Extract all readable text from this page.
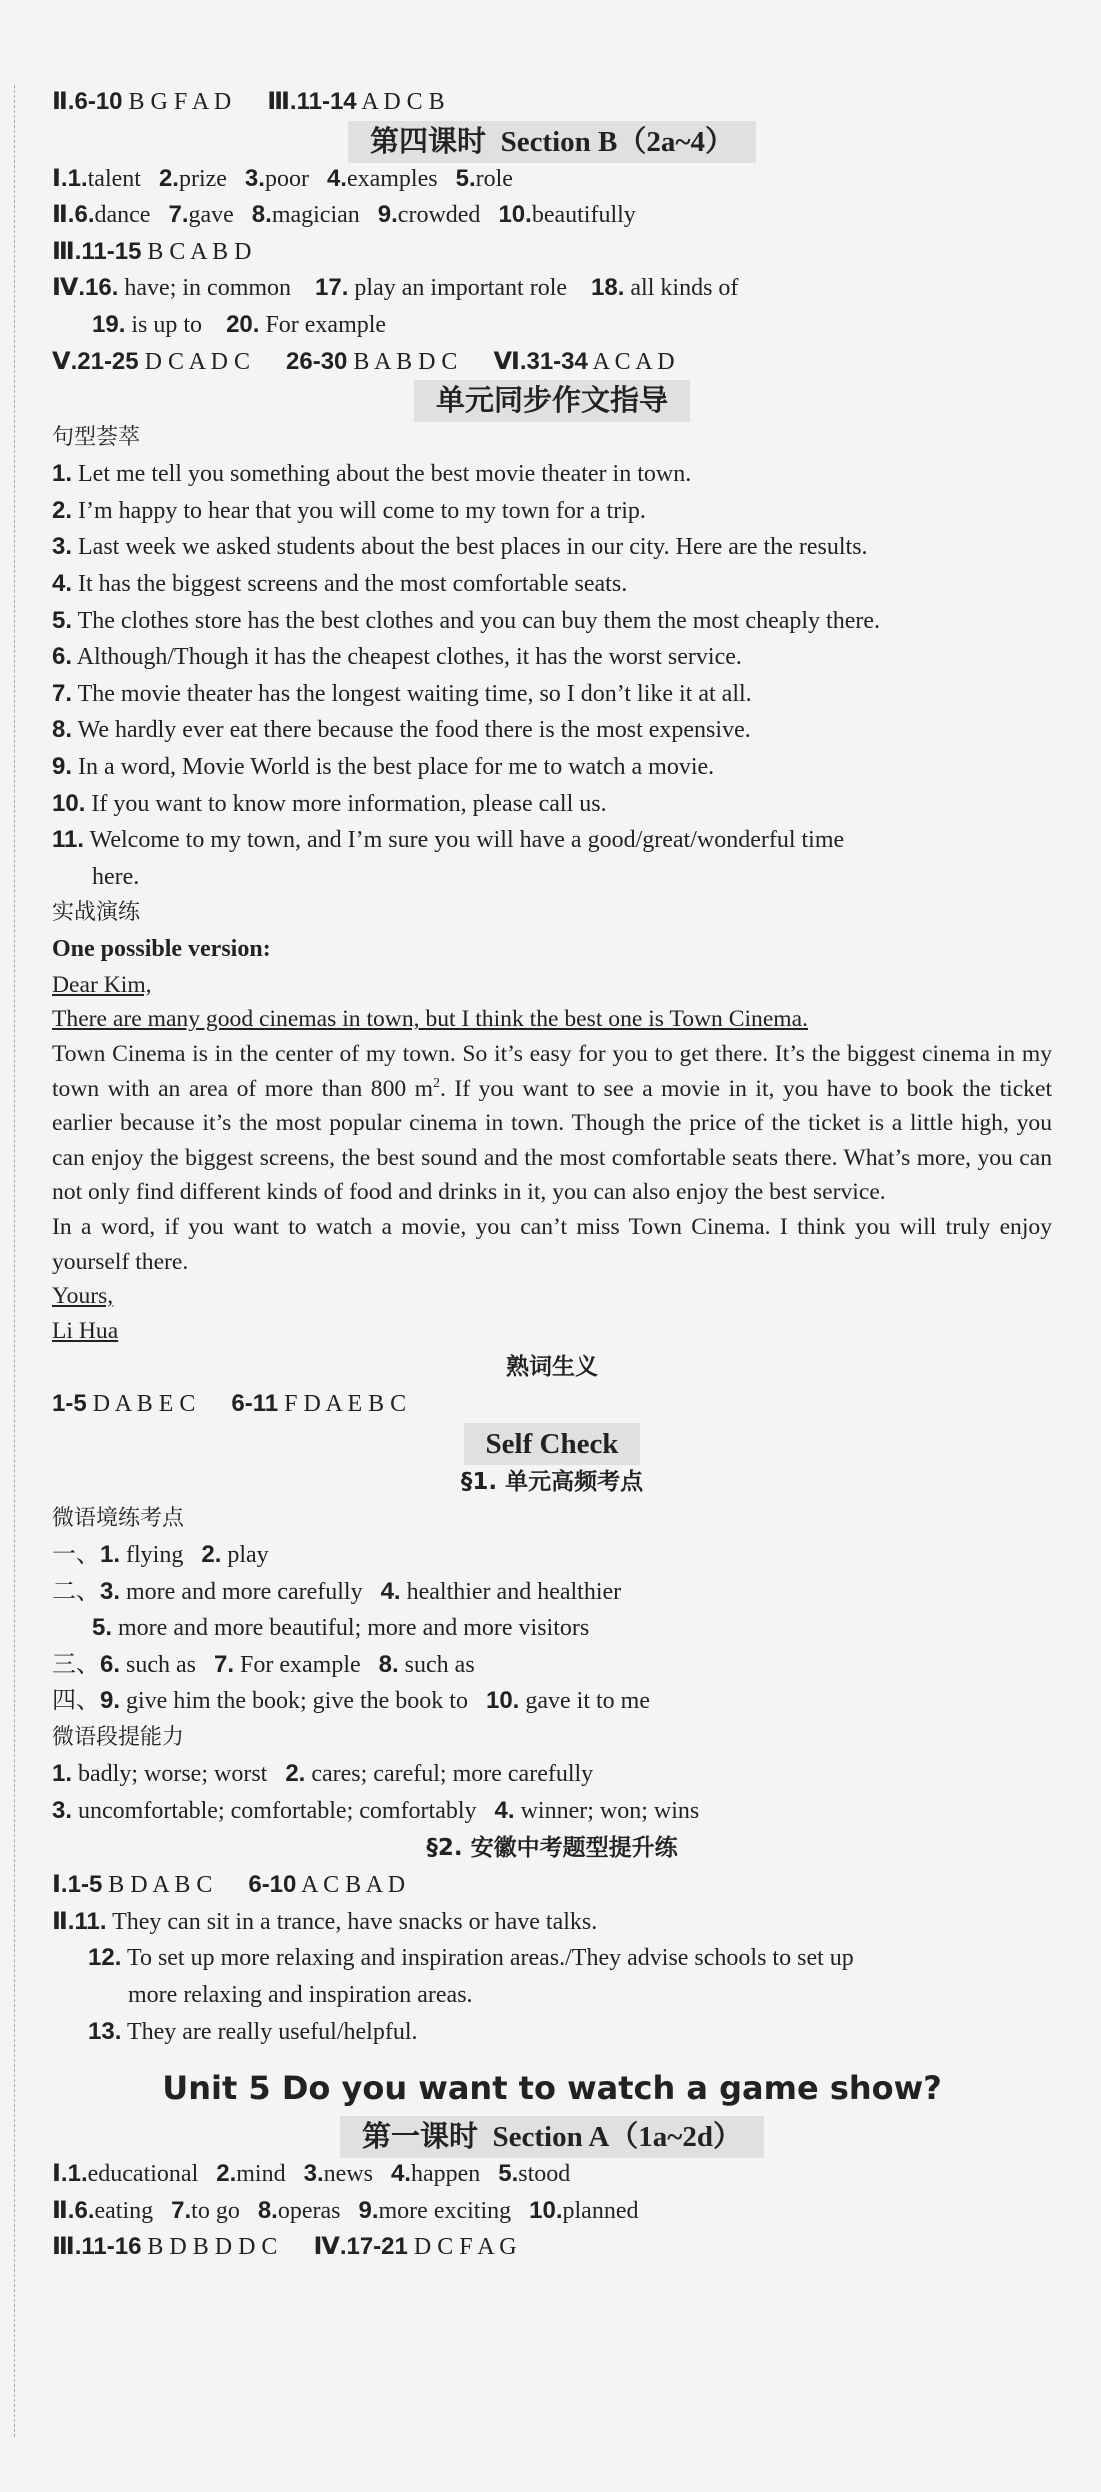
Ⅱ.6-10 B G F A D Ⅲ.11-14 A D C B
第四课时 Section B（2a~4）
Ⅰ.1.talent 2.prize 3.poor 4.examples 5.role
Ⅱ.6.dance 7.gave 8.magician 9.crowded 10.beautifully
Ⅲ.11-15 B C A B D
Ⅳ.16. have; in common 17. play an important role 18. all kinds of
19. is up to 20. For example
Ⅴ.21-25 D C A D C 26-30 B A B D C Ⅵ.31-34 A C A D
单元同步作文指导
句型荟萃
1. Let me tell you something about the best movie theater in town.
2. I’m happy to hear that you will come to my town for a trip.
3. Last week we asked students about the best places in our city. Here are the results.
4. It has the biggest screens and the most comfortable seats.
5. The clothes store has the best clothes and you can buy them the most cheaply there.
6. Although/Though it has the cheapest clothes, it has the worst service.
7. The movie theater has the longest waiting time, so I don’t like it at all.
8. We hardly ever eat there because the food there is the most expensive.
9. In a word, Movie World is the best place for me to watch a movie.
10. If you want to know more information, please call us.
11. Welcome to my town, and I’m sure you will have a good/great/wonderful time
here.
实战演练
One possible version:

Dear Kim,

There are many good cinemas in town, but I think the best one is Town Cinema.

Town Cinema is in the center of my town. So it’s easy for you to get there. It’s the biggest cinema in my town with an area of more than 800 $m^2$. If you want to see a movie in it, you have to book the ticket earlier because it’s the most popular cinema in town. Though the price of the ticket is a little high, you can enjoy the biggest screens, the best sound and the most comfortable seats there. What’s more, you can not only find different kinds of food and drinks in it, you can also enjoy the best service.

In a word, if you want to watch a movie, you can’t miss Town Cinema. I think you will truly enjoy yourself there.

Yours,

Li Hua

熟词生义
1-5 D A B E C 6-11 F D A E B C
Self Check
§1. 单元高频考点
微语境练考点
一、1. flying 2. play
二、3. more and more carefully 4. healthier and healthier
5. more and more beautiful; more and more visitors
三、6. such as 7. For example 8. such as
四、9. give him the book; give the book to 10. gave it to me
微语段提能力
1. badly; worse; worst 2. cares; careful; more carefully
3. uncomfortable; comfortable; comfortably 4. winner; won; wins
§2. 安徽中考题型提升练
Ⅰ.1-5 B D A B C 6-10 A C B A D
Ⅱ.11. They can sit in a trance, have snacks or have talks.
12. To set up more relaxing and inspiration areas./They advise schools to set up
more relaxing and inspiration areas.
13. They are really useful/helpful.
Unit 5 Do you want to watch a game show?
第一课时 Section A（1a~2d）
Ⅰ.1.educational 2.mind 3.news 4.happen 5.stood
Ⅱ.6.eating 7.to go 8.operas 9.more exciting 10.planned
Ⅲ.11-16 B D B D D C Ⅳ.17-21 D C F A G
